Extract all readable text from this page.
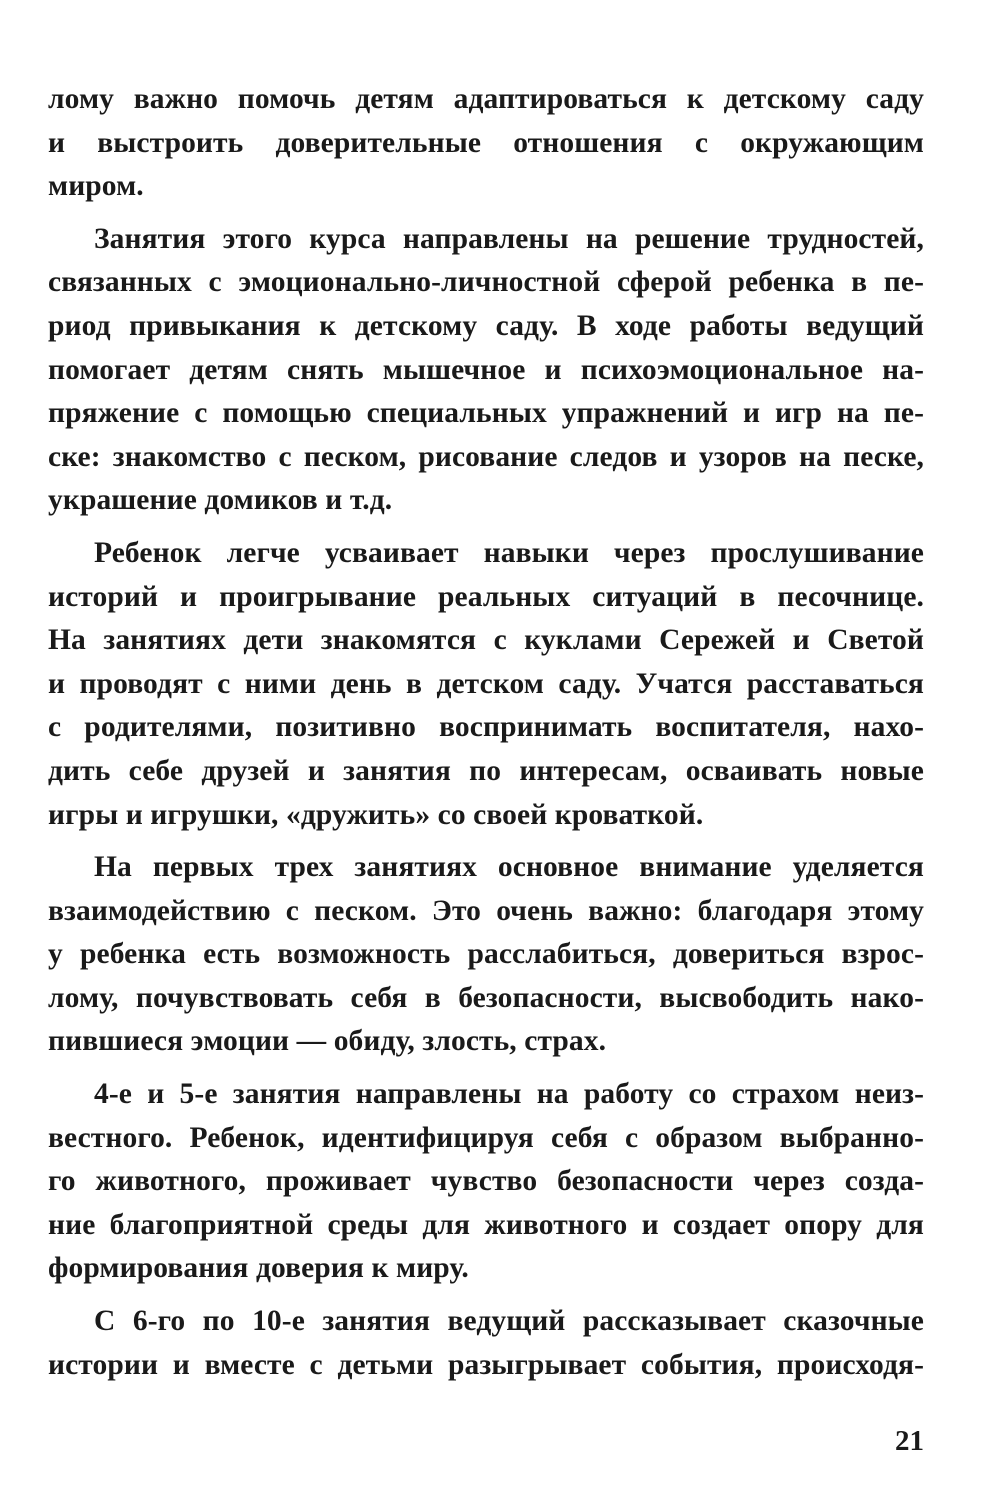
лому важно помочь детям адаптироваться к детскому саду
и выстроить доверительные отношения с окружающим
миром.
Занятия этого курса направлены на решение трудностей,
связанных с эмоционально-личностной сферой ребенка в пе-
риод привыкания к детскому саду. В ходе работы ведущий
помогает детям снять мышечное и психоэмоциональное на-
пряжение с помощью специальных упражнений и игр на пе-
ске: знакомство с песком, рисование следов и узоров на песке,
украшение домиков и т.д.
Ребенок легче усваивает навыки через прослушивание
историй и проигрывание реальных ситуаций в песочнице.
На занятиях дети знакомятся с куклами Сережей и Светой
и проводят с ними день в детском саду. Учатся расставаться
с родителями, позитивно воспринимать воспитателя, нахо-
дить себе друзей и занятия по интересам, осваивать новые
игры и игрушки, «дружить» со своей кроваткой.
На первых трех занятиях основное внимание уделяется
взаимодействию с песком. Это очень важно: благодаря этому
у ребенка есть возможность расслабиться, довериться взрос-
лому, почувствовать себя в безопасности, высвободить нако-
пившиеся эмоции — обиду, злость, страх.
4-е и 5-е занятия направлены на работу со страхом неиз-
вестного. Ребенок, идентифицируя себя с образом выбранно-
го животного, проживает чувство безопасности через созда-
ние благоприятной среды для животного и создает опору для
формирования доверия к миру.
С 6-го по 10-е занятия ведущий рассказывает сказочные
истории и вместе с детьми разыгрывает события, происходя-
21
